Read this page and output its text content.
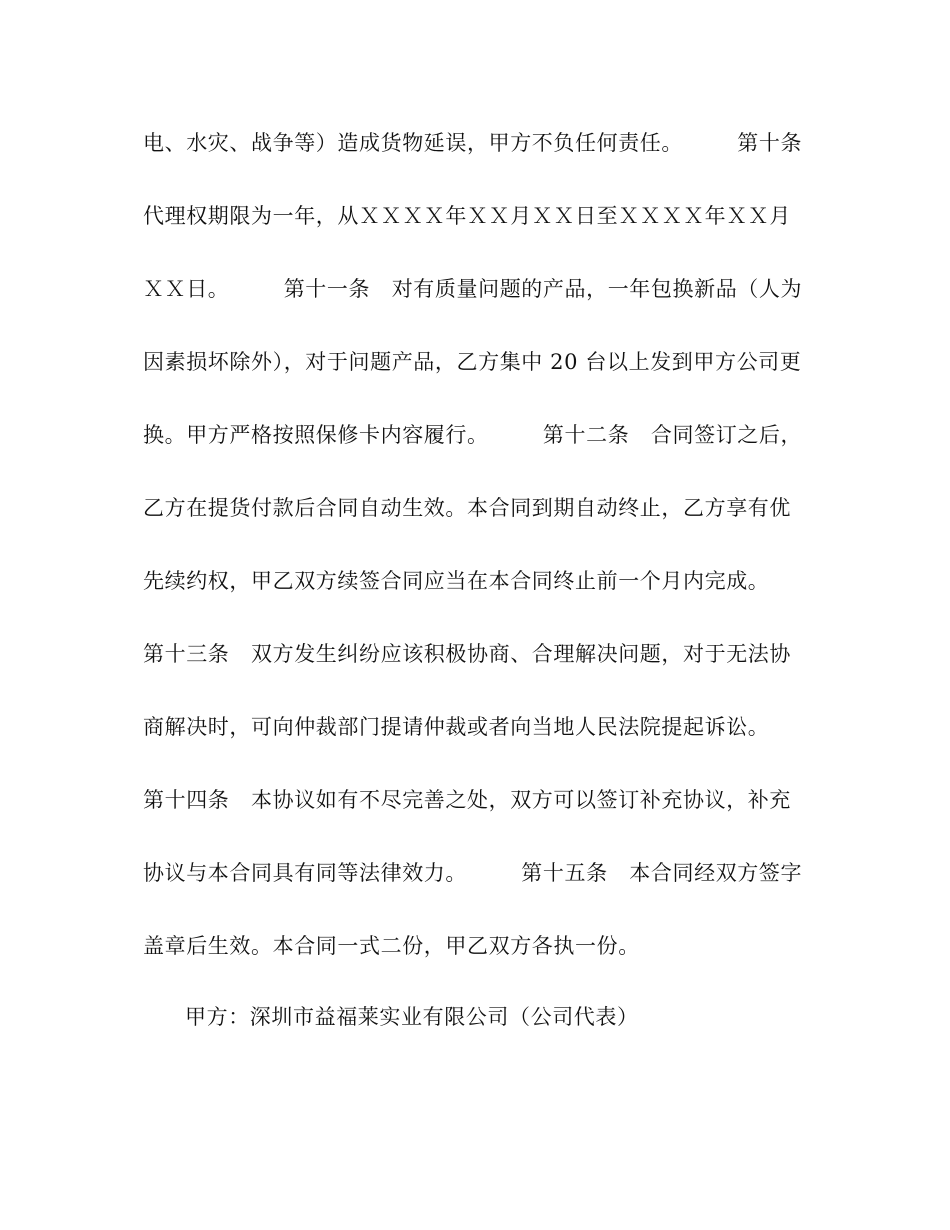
电、水灾、战争等）造成货物延误，甲方不负任何责任。　　　第十条
代理权期限为一年，从ＸＸＸＸ年ＸＸ月ＸＸ日至ＸＸＸＸ年ＸＸ月
ＸＸ日。　　　第十一条　对有质量问题的产品，一年包换新品（人为
因素损坏除外），对于问题产品，乙方集中 20 台以上发到甲方公司更
换。甲方严格按照保修卡内容履行。　　　第十二条　合同签订之后，
乙方在提货付款后合同自动生效。本合同到期自动终止，乙方享有优
先续约权，甲乙双方续签合同应当在本合同终止前一个月内完成。
第十三条　双方发生纠纷应该积极协商、合理解决问题，对于无法协
商解决时，可向仲裁部门提请仲裁或者向当地人民法院提起诉讼。
第十四条　本协议如有不尽完善之处，双方可以签订补充协议，补充
协议与本合同具有同等法律效力。　　　第十五条　本合同经双方签字
盖章后生效。本合同一式二份，甲乙双方各执一份。
甲方：深圳市益福莱实业有限公司（公司代表）
